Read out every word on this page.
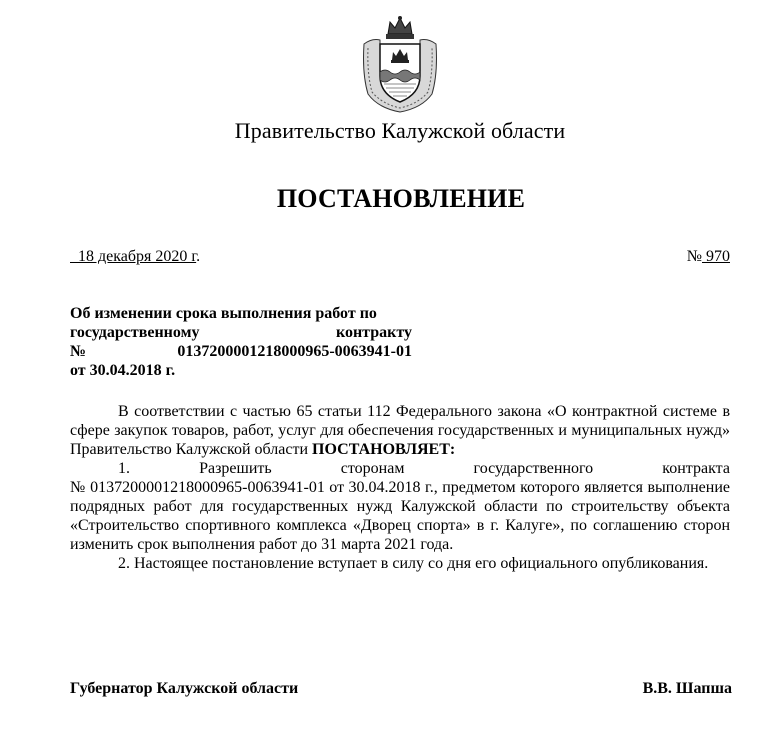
Правительство Калужской области
ПОСТАНОВЛЕНИЕ
18 декабря 2020 г.	№ 970
Об изменении срока выполнения работ по
государственному	контракту
№	0137200001218000965-0063941-01
от 30.04.2018 г.

В соответствии с частью 65 статьи 112 Федерального закона «О контрактной системе в сфере закупок товаров, работ, услуг для обеспечения государственных и муниципальных нужд» Правительство Калужской области ПОСТАНОВЛЯЕТ:

1.	Разрешить	сторонам	государственного	контракта

№ 0137200001218000965-0063941-01 от 30.04.2018 г., предметом которого является выполнение подрядных работ для государственных нужд Калужской области по строительству объекта «Строительство спортивного комплекса «Дворец спорта» в г. Калуге», по соглашению сторон изменить срок выполнения работ до 31 марта 2021 года.

2. Настоящее постановление вступает в силу со дня его официального опубликования.

Губернатор Калужской области	В.В. Шапша
